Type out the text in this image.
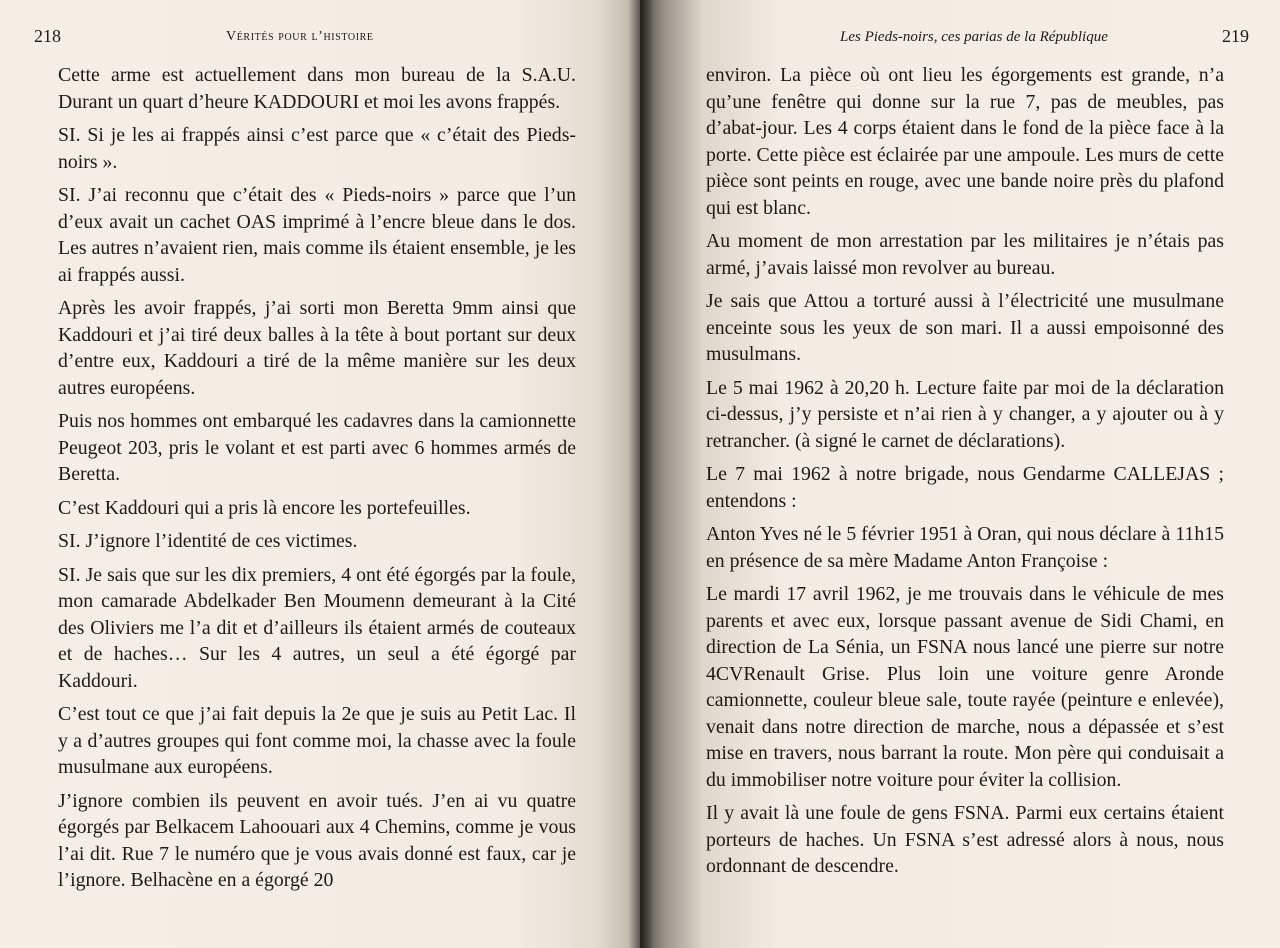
218	Vérités pour l’histoire

Cette arme est actuellement dans mon bureau de la S.A.U. Durant un quart d’heure KADDOURI et moi les avons frappés.

SI. Si je les ai frappés ainsi c’est parce que « c’était des Pieds-noirs ».

SI. J’ai reconnu que c’était des « Pieds-noirs » parce que l’un d’eux avait un cachet OAS imprimé à l’encre bleue dans le dos. Les autres n’avaient rien, mais comme ils étaient ensemble, je les ai frappés aussi.

Après les avoir frappés, j’ai sorti mon Beretta 9mm ainsi que Kaddouri et j’ai tiré deux balles à la tête à bout portant sur deux d’entre eux, Kaddouri a tiré de la même manière sur les deux autres européens.

Puis nos hommes ont embarqué les cadavres dans la camionnette Peugeot 203, pris le volant et est parti avec 6 hommes armés de Beretta.

C’est Kaddouri qui a pris là encore les portefeuilles.

SI. J’ignore l’identité de ces victimes.

SI. Je sais que sur les dix premiers, 4 ont été égorgés par la foule, mon camarade Abdelkader Ben Moumenn demeurant à la Cité des Oliviers me l’a dit et d’ailleurs ils étaient armés de couteaux et de haches… Sur les 4 autres, un seul a été égorgé par Kaddouri.

C’est tout ce que j’ai fait depuis la 2e que je suis au Petit Lac. Il y a d’autres groupes qui font comme moi, la chasse avec la foule musulmane aux européens.

J’ignore combien ils peuvent en avoir tués. J’en ai vu quatre égorgés par Belkacem Lahoouari aux 4 Chemins, comme je vous l’ai dit. Rue 7 le numéro que je vous avais donné est faux, car je l’ignore. Belhacène en a égorgé 20

Les Pieds-noirs, ces parias de la République	219

environ. La pièce où ont lieu les égorgements est grande, n’a qu’une fenêtre qui donne sur la rue 7, pas de meubles, pas d’abat-jour. Les 4 corps étaient dans le fond de la pièce face à la porte. Cette pièce est éclairée par une ampoule. Les murs de cette pièce sont peints en rouge, avec une bande noire près du plafond qui est blanc.

Au moment de mon arrestation par les militaires je n’étais pas armé, j’avais laissé mon revolver au bureau.

Je sais que Attou a torturé aussi à l’électricité une musulmane enceinte sous les yeux de son mari. Il a aussi empoisonné des musulmans.

Le 5 mai 1962 à 20,20 h. Lecture faite par moi de la déclaration ci-dessus, j’y persiste et n’ai rien à y changer, a y ajouter ou à y retrancher. (à signé le carnet de déclarations).

Le 7 mai 1962 à notre brigade, nous Gendarme CALLEJAS ; entendons :

Anton Yves né le 5 février 1951 à Oran, qui nous déclare à 11h15 en présence de sa mère Madame Anton Françoise :

Le mardi 17 avril 1962, je me trouvais dans le véhicule de mes parents et avec eux, lorsque passant avenue de Sidi Chami, en direction de La Sénia, un FSNA nous lancé une pierre sur notre 4CVRenault Grise. Plus loin une voiture genre Aronde camionnette, couleur bleue sale, toute rayée (peinture e enlevée), venait dans notre direction de marche, nous a dépassée et s’est mise en travers, nous barrant la route. Mon père qui conduisait a du immobiliser notre voiture pour éviter la collision.

Il y avait là une foule de gens FSNA. Parmi eux certains étaient porteurs de haches. Un FSNA s’est adressé alors à nous, nous ordonnant de descendre.
